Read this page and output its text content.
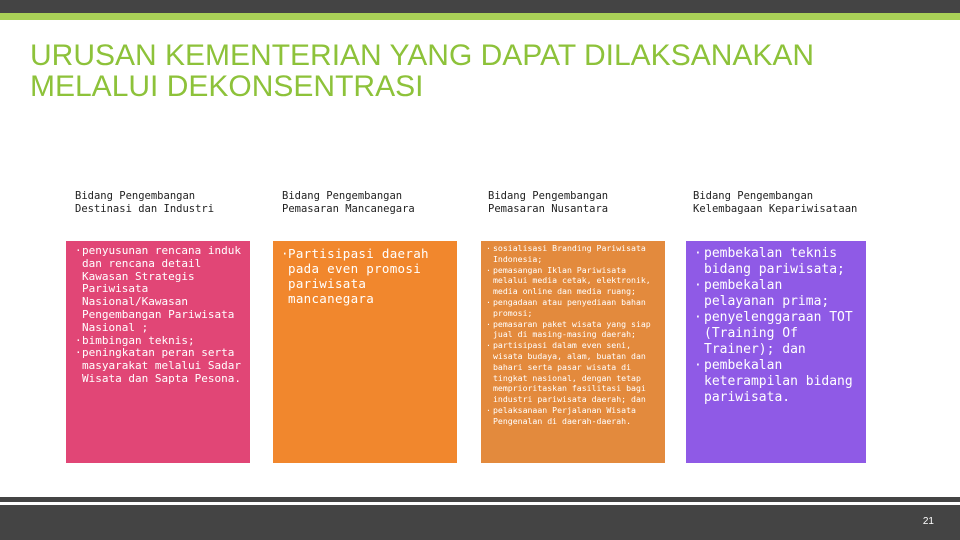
URUSAN KEMENTERIAN YANG DAPAT DILAKSANAKAN MELALUI DEKONSENTRASI
Bidang Pengembangan Destinasi dan Industri
Bidang Pengembangan Pemasaran Mancanegara
Bidang Pengembangan Pemasaran Nusantara
Bidang Pengembangan Kelembagaan Kepariwisataan
· penyusunan rencana induk dan rencana detail Kawasan Strategis Pariwisata Nasional/Kawasan Pengembangan Pariwisata Nasional ;
· bimbingan teknis;
· peningkatan peran serta masyarakat melalui Sadar Wisata dan Sapta Pesona.
· Partisipasi daerah pada even promosi pariwisata mancanegara
· sosialisasi Branding Pariwisata Indonesia;
· pemasangan Iklan Pariwisata melalui media cetak, elektronik, media online dan media ruang;
· pengadaan atau penyediaan bahan promosi;
· pemasaran paket wisata yang siap jual di masing-masing daerah;
· partisipasi dalam even seni, wisata budaya, alam, buatan dan bahari serta pasar wisata di tingkat nasional, dengan tetap memprioritaskan fasilitasi bagi industri pariwisata daerah; dan
· pelaksanaan Perjalanan Wisata Pengenalan di daerah-daerah.
· pembekalan teknis bidang pariwisata;
· pembekalan pelayanan prima;
· penyelenggaraan TOT (Training Of Trainer); dan
· pembekalan keterampilan bidang pariwisata.
21
